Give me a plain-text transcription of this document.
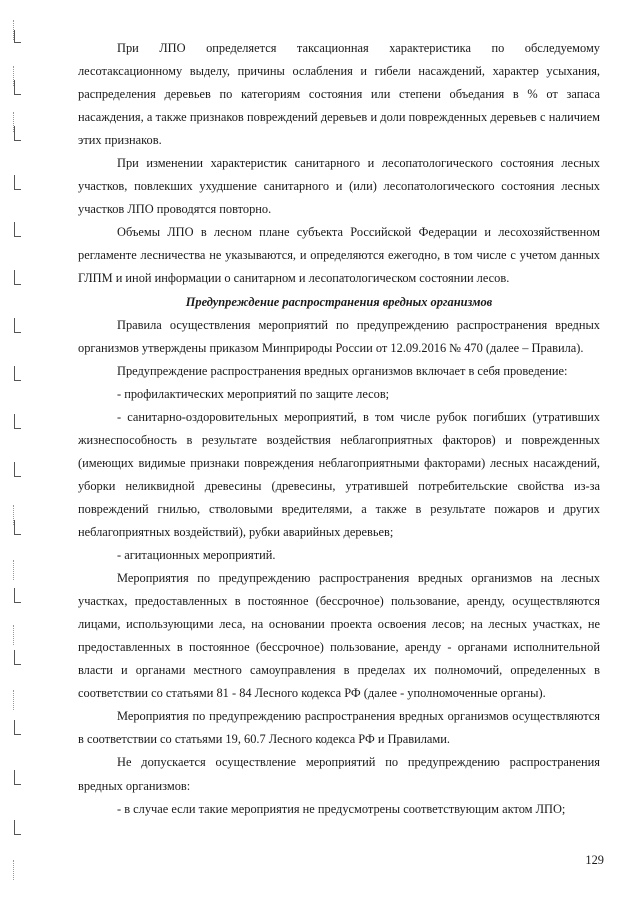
При ЛПО определяется таксационная характеристика по обследуемому лесотаксационному выделу, причины ослабления и гибели насаждений, характер усыхания, распределения деревьев по категориям состояния или степени объедания в % от запаса насаждения, а также признаков повреждений деревьев и доли поврежденных деревьев с наличием этих признаков.

При изменении характеристик санитарного и лесопатологического состояния лесных участков, повлекших ухудшение санитарного и (или) лесопатологического состояния лесных участков ЛПО проводятся повторно.

Объемы ЛПО в лесном плане субъекта Российской Федерации и лесохозяйственном регламенте лесничества не указываются, и определяются ежегодно, в том числе с учетом данных ГЛПМ и иной информации о санитарном и лесопатологическом состоянии лесов.

Предупреждение распространения вредных организмов

Правила осуществления мероприятий по предупреждению распространения вредных организмов утверждены приказом Минприроды России от 12.09.2016 № 470 (далее – Правила).

Предупреждение распространения вредных организмов включает в себя проведение:

- профилактических мероприятий по защите лесов;

- санитарно-оздоровительных мероприятий, в том числе рубок погибших (утративших жизнеспособность в результате воздействия неблагоприятных факторов) и поврежденных (имеющих видимые признаки повреждения неблагоприятными факторами) лесных насаждений, уборки неликвидной древесины (древесины, утратившей потребительские свойства из-за повреждений гнилью, стволовыми вредителями, а также в результате пожаров и других неблагоприятных воздействий), рубки аварийных деревьев;

- агитационных мероприятий.

Мероприятия по предупреждению распространения вредных организмов на лесных участках, предоставленных в постоянное (бессрочное) пользование, аренду, осуществляются лицами, использующими леса, на основании проекта освоения лесов; на лесных участках, не предоставленных в постоянное (бессрочное) пользование, аренду - органами исполнительной власти и органами местного самоуправления в пределах их полномочий, определенных в соответствии со статьями 81 - 84 Лесного кодекса РФ (далее - уполномоченные органы).

Мероприятия по предупреждению распространения вредных организмов осуществляются в соответствии со статьями 19, 60.7 Лесного кодекса РФ и Правилами.

Не допускается осуществление мероприятий по предупреждению распространения вредных организмов:

- в случае если такие мероприятия не предусмотрены соответствующим актом ЛПО;

129
